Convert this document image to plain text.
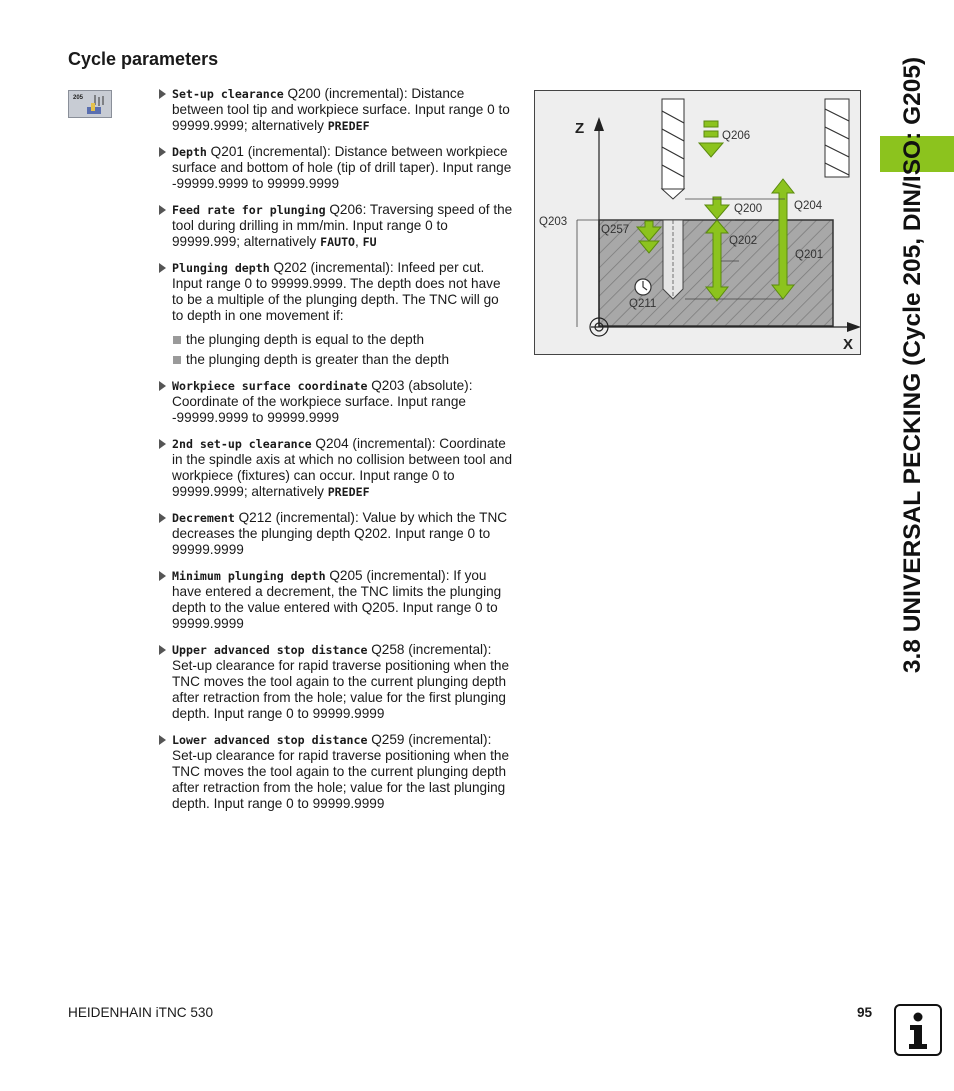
Cycle parameters
205	Set-up clearance Q200 (incremental): Distance between tool tip and workpiece surface. Input range 0 to 99999.9999; alternatively PREDEF
Depth Q201 (incremental): Distance between workpiece surface and bottom of hole (tip of drill taper). Input range -99999.9999 to 99999.9999
Feed rate for plunging Q206: Traversing speed of the tool during drilling in mm/min. Input range 0 to 99999.999; alternatively FAUTO, FU
Plunging depth Q202 (incremental): Infeed per cut. Input range 0 to 99999.9999. The depth does not have to be a multiple of the plunging depth. The TNC will go to depth in one movement if:
the plunging depth is equal to the depth
the plunging depth is greater than the depth
Workpiece surface coordinate Q203 (absolute): Coordinate of the workpiece surface. Input range -99999.9999 to 99999.9999
2nd set-up clearance Q204 (incremental): Coordinate in the spindle axis at which no collision between tool and workpiece (fixtures) can occur. Input range 0 to 99999.9999; alternatively PREDEF
Decrement Q212 (incremental): Value by which the TNC decreases the plunging depth Q202. Input range 0 to 99999.9999
Minimum plunging depth Q205 (incremental): If you have entered a decrement, the TNC limits the plunging depth to the value entered with Q205. Input range 0 to 99999.9999
Upper advanced stop distance Q258 (incremental): Set-up clearance for rapid traverse positioning when the TNC moves the tool again to the current plunging depth after retraction from the hole; value for the first plunging depth. Input range 0 to 99999.9999
Lower advanced stop distance Q259 (incremental): Set-up clearance for rapid traverse positioning when the TNC moves the tool again to the current plunging depth after retraction from the hole; value for the last plunging depth. Input range 0 to 99999.9999
Z
X
Q203
Q206
Q200	Q204
Q257
Q202
Q201
Q211	3.8 UNIVERSAL PECKING (Cycle 205, DIN/ISO: G205)
HEIDENHAIN iTNC 530	95
